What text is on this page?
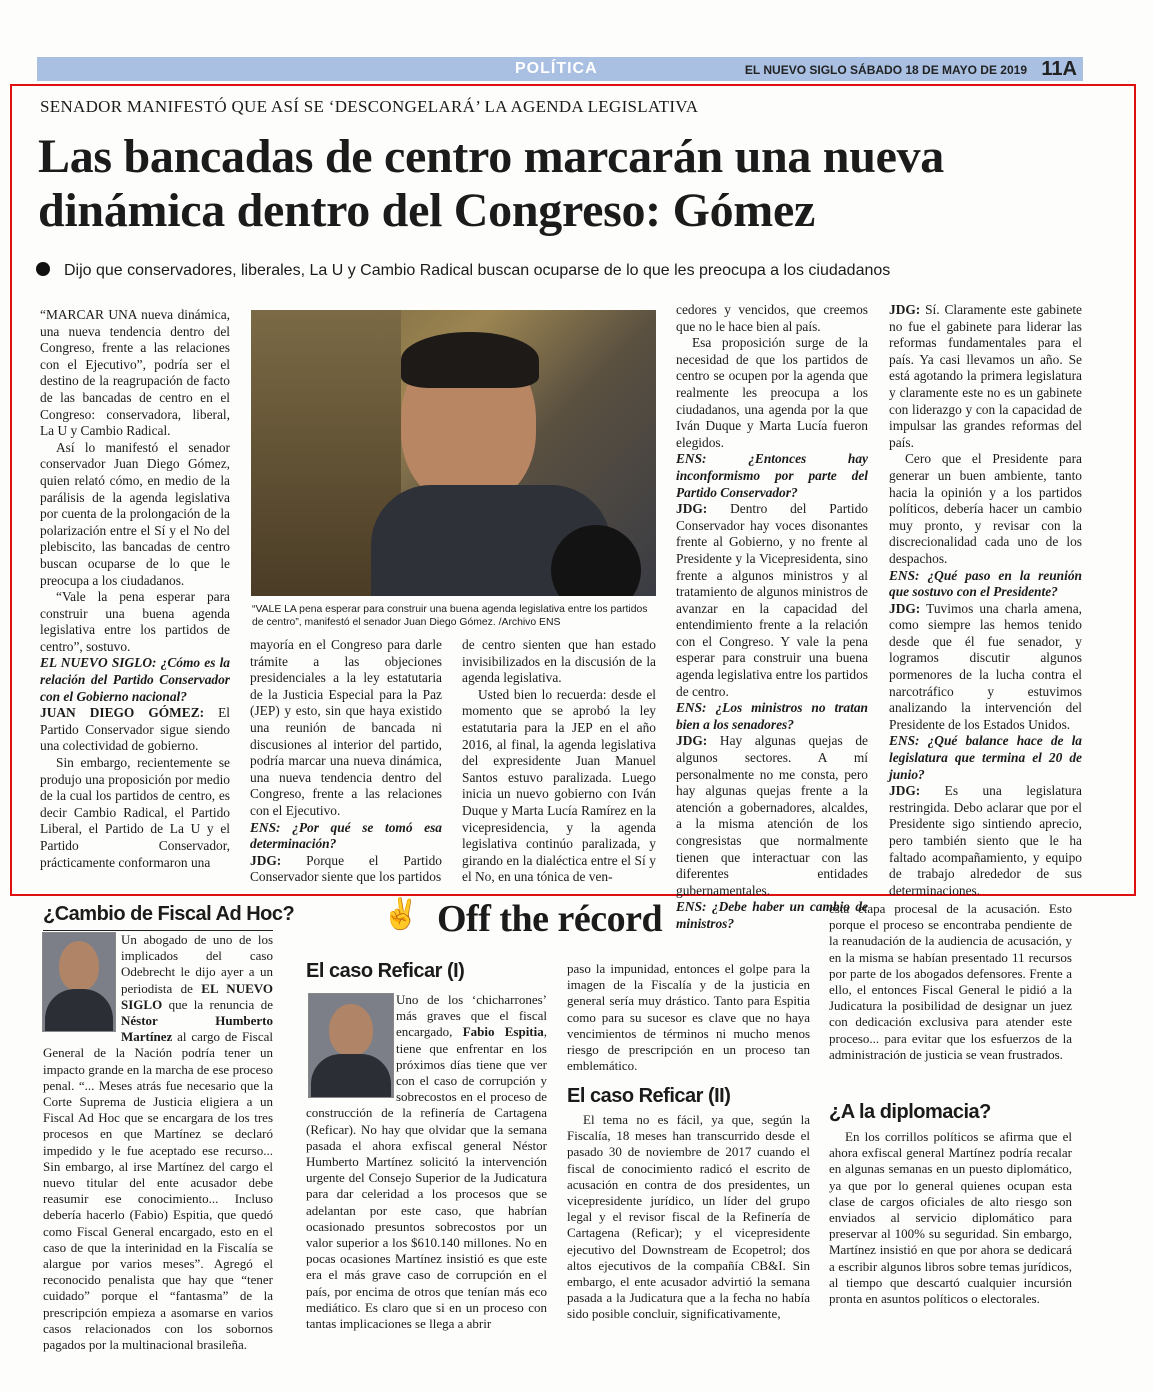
POLÍTICA	EL NUEVO SIGLO SÁBADO 18 DE MAYO DE 2019 11A
SENADOR MANIFESTÓ QUE ASÍ SE ‘DESCONGELARÁ’ LA AGENDA LEGISLATIVA
Las bancadas de centro marcarán una nueva dinámica dentro del Congreso: Gómez
Dijo que conservadores, liberales, La U y Cambio Radical buscan ocuparse de lo que les preocupa a los ciudadanos

“MARCAR UNA nueva dinámica, una nueva tendencia dentro del Congreso, frente a las relaciones con el Ejecutivo”, podría ser el destino de la reagrupación de facto de las bancadas de centro en el Congreso: conservadora, liberal, La U y Cambio Radical.

Así lo manifestó el senador conservador Juan Diego Gómez, quien relató cómo, en medio de la parálisis de la agenda legislativa por cuenta de la prolongación de la polarización entre el Sí y el No del plebiscito, las bancadas de centro buscan ocuparse de lo que le preocupa a los ciudadanos.

“Vale la pena esperar para construir una buena agenda legislativa entre los partidos de centro”, sostuvo.

EL NUEVO SIGLO: ¿Cómo es la relación del Partido Conservador con el Gobierno nacional?

JUAN DIEGO GÓMEZ: El Partido Conservador sigue siendo una colectividad de gobierno.

Sin embargo, recientemente se produjo una proposición por medio de la cual los partidos de centro, es decir Cambio Radical, el Partido Liberal, el Partido de La U y el Partido Conservador, prácticamente conformaron una

“VALE LA pena esperar para construir una buena agenda legislativa entre los partidos de centro”, manifestó el senador Juan Diego Gómez. /Archivo ENS

mayoría en el Congreso para darle trámite a las objeciones presidenciales a la ley estatutaria de la Justicia Especial para la Paz (JEP) y esto, sin que haya existido una reunión de bancada ni discusiones al interior del partido, podría marcar una nueva dinámica, una nueva tendencia dentro del Congreso, frente a las relaciones con el Ejecutivo.

ENS: ¿Por qué se tomó esa determinación?

JDG: Porque el Partido Conservador siente que los partidos

de centro sienten que han estado invisibilizados en la discusión de la agenda legislativa.

Usted bien lo recuerda: desde el momento que se aprobó la ley estatutaria para la JEP en el año 2016, al final, la agenda legislativa del expresidente Juan Manuel Santos estuvo paralizada. Luego inicia un nuevo gobierno con Iván Duque y Marta Lucía Ramírez en la vicepresidencia, y la agenda legislativa continúo paralizada, y girando en la dialéctica entre el Sí y el No, en una tónica de ven-

cedores y vencidos, que creemos que no le hace bien al país.

Esa proposición surge de la necesidad de que los partidos de centro se ocupen por la agenda que realmente les preocupa a los ciudadanos, una agenda por la que Iván Duque y Marta Lucía fueron elegidos.

ENS: ¿Entonces hay inconformismo por parte del Partido Conservador?

JDG: Dentro del Partido Conservador hay voces disonantes frente al Gobierno, y no frente al Presidente y la Vicepresidenta, sino frente a algunos ministros y al tratamiento de algunos ministros de avanzar en la capacidad del entendimiento frente a la relación con el Congreso. Y vale la pena esperar para construir una buena agenda legislativa entre los partidos de centro.

ENS: ¿Los ministros no tratan bien a los senadores?

JDG: Hay algunas quejas de algunos sectores. A mí personalmente no me consta, pero hay algunas quejas frente a la atención a gobernadores, alcaldes, a la misma atención de los congresistas que normalmente tienen que interactuar con las diferentes entidades gubernamentales.

ENS: ¿Debe haber un cambio de ministros?

JDG: Sí. Claramente este gabinete no fue el gabinete para liderar las reformas fundamentales para el país. Ya casi llevamos un año. Se está agotando la primera legislatura y claramente este no es un gabinete con liderazgo y con la capacidad de impulsar las grandes reformas del país.

Cero que el Presidente para generar un buen ambiente, tanto hacia la opinión y a los partidos políticos, debería hacer un cambio muy pronto, y revisar con la discrecionalidad cada uno de los despachos.

ENS: ¿Qué paso en la reunión que sostuvo con el Presidente?

JDG: Tuvimos una charla amena, como siempre las hemos tenido desde que él fue senador, y logramos discutir algunos pormenores de la lucha contra el narcotráfico y estuvimos analizando la intervención del Presidente de los Estados Unidos.

ENS: ¿Qué balance hace de la legislatura que termina el 20 de junio?

JDG: Es una legislatura restringida. Debo aclarar que por el Presidente sigo sintiendo aprecio, pero también siento que le ha faltado acompañamiento, y equipo de trabajo alrededor de sus determinaciones.

¿Cambio de Fiscal Ad Hoc?

Un abogado de uno de los implicados del caso Odebrecht le dijo ayer a un periodista de EL NUEVO SIGLO que la renuncia de Néstor Humberto Martínez al cargo de Fiscal General de la Nación podría tener un impacto grande en la marcha de ese proceso penal. “... Meses atrás fue necesario que la Corte Suprema de Justicia eligiera a un Fiscal Ad Hoc que se encargara de los tres procesos en que Martínez se declaró impedido y le fue aceptado ese recurso... Sin embargo, al irse Martínez del cargo el nuevo titular del ente acusador debe reasumir ese conocimiento... Incluso debería hacerlo (Fabio) Espitia, que quedó como Fiscal General encargado, esto en el caso de que la interinidad en la Fiscalía se alargue por varios meses”. Agregó el reconocido penalista que hay que “tener cuidado” porque el “fantasma” de la prescripción empieza a asomarse en varios casos relacionados con los sobornos pagados por la multinacional brasileña.

✌ Off the récord
El caso Reficar (I)

Uno de los ‘chicharrones’ más graves que el fiscal encargado, Fabio Espitia, tiene que enfrentar en los próximos días tiene que ver con el caso de corrupción y sobrecostos en el proceso de construcción de la refinería de Cartagena (Reficar). No hay que olvidar que la semana pasada el ahora exfiscal general Néstor Humberto Martínez solicitó la intervención urgente del Consejo Superior de la Judicatura para dar celeridad a los procesos que se adelantan por este caso, que habrían ocasionado presuntos sobrecostos por un valor superior a los $610.140 millones. No en pocas ocasiones Martínez insistió es que este era el más grave caso de corrupción en el país, por encima de otros que tenían más eco mediático. Es claro que si en un proceso con tantas implicaciones se llega a abrir

paso la impunidad, entonces el golpe para la imagen de la Fiscalía y de la justicia en general sería muy drástico. Tanto para Espitia como para su sucesor es clave que no haya vencimientos de términos ni mucho menos riesgo de prescripción en un proceso tan emblemático.

El caso Reficar (II)

El tema no es fácil, ya que, según la Fiscalía, 18 meses han transcurrido desde el pasado 30 de noviembre de 2017 cuando el fiscal de conocimiento radicó el escrito de acusación en contra de dos presidentes, un vicepresidente jurídico, un líder del grupo legal y el revisor fiscal de la Refinería de Cartagena (Reficar); y el vicepresidente ejecutivo del Downstream de Ecopetrol; dos altos ejecutivos de la compañía CB&I. Sin embargo, el ente acusador advirtió la semana pasada a la Judicatura que a la fecha no había sido posible concluir, significativamente,

esta etapa procesal de la acusación. Esto porque el proceso se encontraba pendiente de la reanudación de la audiencia de acusación, y en la misma se habían presentado 11 recursos por parte de los abogados defensores. Frente a ello, el entonces Fiscal General le pidió a la Judicatura la posibilidad de designar un juez con dedicación exclusiva para atender este proceso... para evitar que los esfuerzos de la administración de justicia se vean frustrados.

¿A la diplomacia?

En los corrillos políticos se afirma que el ahora exfiscal general Martínez podría recalar en algunas semanas en un puesto diplomático, ya que por lo general quienes ocupan esta clase de cargos oficiales de alto riesgo son enviados al servicio diplomático para preservar al 100% su seguridad. Sin embargo, Martínez insistió en que por ahora se dedicará a escribir algunos libros sobre temas jurídicos, al tiempo que descartó cualquier incursión pronta en asuntos políticos o electorales.
